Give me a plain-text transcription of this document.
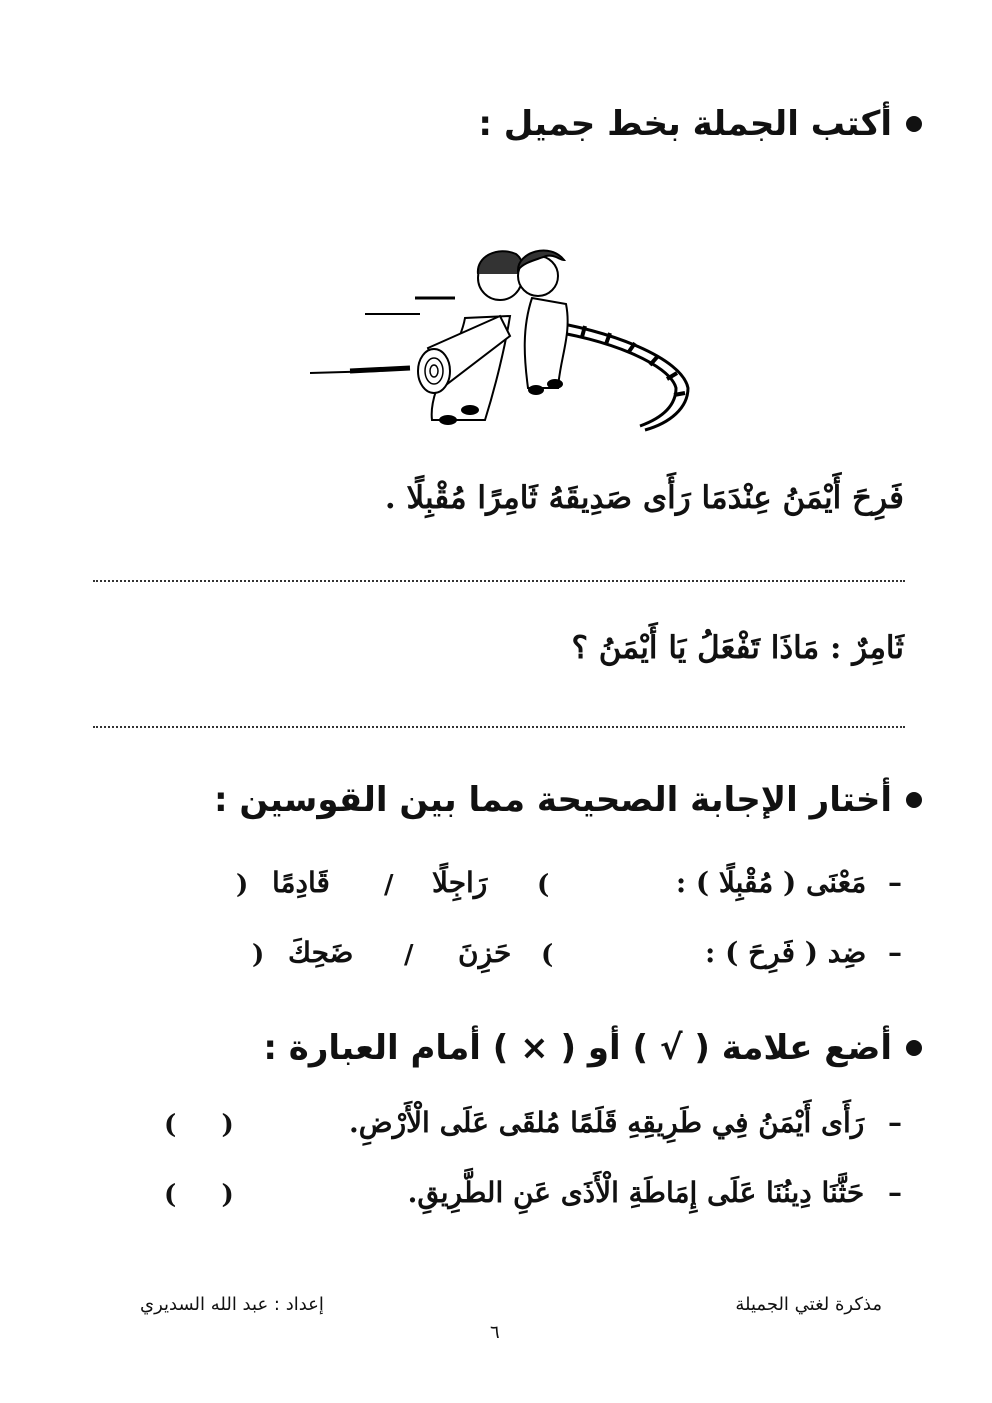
أكتب الجملة بخط جميل :
فَرِحَ أَيْمَنُ عِنْدَمَا رَأَى صَدِيقَهُ ثَامِرًا مُقْبِلًا .
ثَامِرٌ : مَاذَا تَفْعَلُ يَا أَيْمَنُ ؟
أختار الإجابة الصحيحة مما بين القوسين :
– مَعْنَى ( مُقْبِلًا ) :
(
رَاجِلًا
/
قَادِمًا
)
– ضِد ( فَرِحَ ) :
(
حَزِنَ
/
ضَحِكَ
)
أضع علامة ( √ ) أو ( × ) أمام العبارة :
– رَأَى أَيْمَنُ فِي طَرِيقِهِ قَلَمًا مُلقَى عَلَى الْأَرْضِ.
(     )
– حَثَّنَا دِينُنَا عَلَى إِمَاطَةِ الْأَذَى عَنِ الطَّرِيقِ.
(     )
مذكرة لغتي الجميلة
إعداد : عبد الله السديري
٦
